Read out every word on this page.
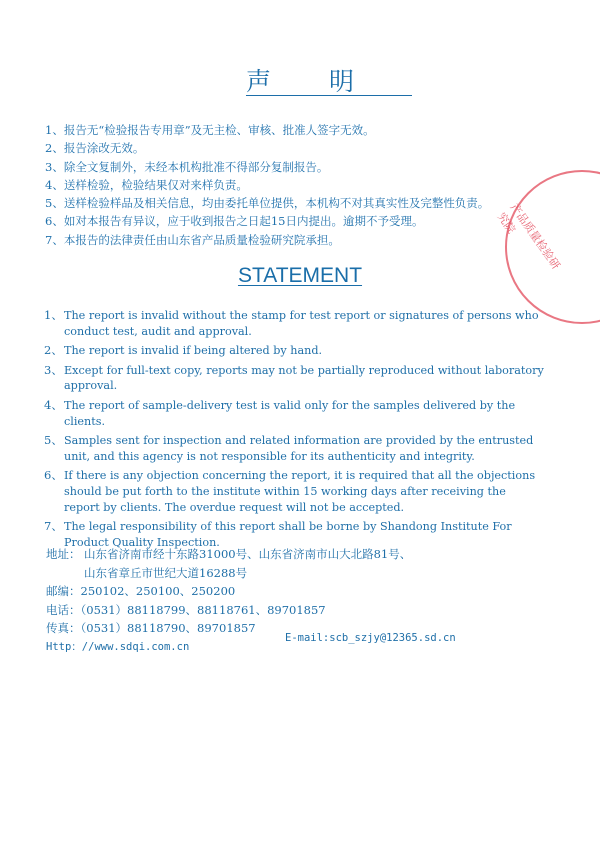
声明
1、报告无“检验报告专用章”及无主检、审核、批准人签字无效。
2、报告涂改无效。
3、除全文复制外，未经本机构批准不得部分复制报告。
4、送样检验，检验结果仅对来样负责。
5、送样检验样品及相关信息，均由委托单位提供，本机构不对其真实性及完整性负责。
6、如对本报告有异议，应于收到报告之日起15日内提出。逾期不予受理。
7、本报告的法律责任由山东省产品质量检验研究院承担。	产品质量检验研究院
STATEMENT
1、 The report is invalid without the stamp for test report or signatures of persons who conduct test, audit and approval.
2、 The report is invalid if being altered by hand.
3、 Except for full-text copy, reports may not be partially reproduced without laboratory approval.
4、 The report of sample-delivery test is valid only for the samples delivered by the clients.
5、 Samples sent for inspection and related information are provided by the entrusted unit, and this agency is not responsible for its authenticity and integrity.
6、 If there is any objection concerning the report, it is required that all the objections should be put forth to the institute within 15 working days after receiving the report by clients. The overdue request will not be accepted.
7、 The legal responsibility of this report shall be borne by Shandong Institute For Product Quality Inspection.
地址： 山东省济南市经十东路31000号、山东省济南市山大北路81号、
山东省章丘市世纪大道16288号
邮编：250102、250100、250200
电话：（0531）88118799、88118761、89701857
传真：（0531）88118790、89701857
Http：//www.sdqi.com.cn
E-mail:scb_szjy@12365.sd.cn
